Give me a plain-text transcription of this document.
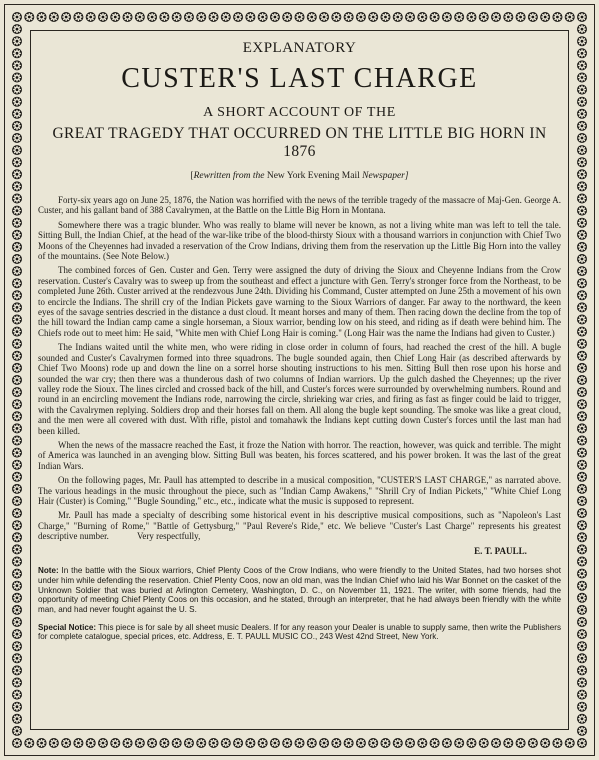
EXPLANATORY
CUSTER'S LAST CHARGE
A SHORT ACCOUNT OF THE
GREAT TRAGEDY THAT OCCURRED ON THE LITTLE BIG HORN IN 1876
[Rewritten from the New York Evening Mail Newspaper]

Forty-six years ago on June 25, 1876, the Nation was horrified with the news of the terrible tragedy of the massacre of Maj-Gen. George A. Custer, and his gallant band of 388 Cavalrymen, at the Battle on the Little Big Horn in Montana.

Somewhere there was a tragic blunder. Who was really to blame will never be known, as not a living white man was left to tell the tale. Sitting Bull, the Indian Chief, at the head of the war-like tribe of the blood-thirsty Sioux with a thousand warriors in conjunction with Chief Two Moons of the Cheyennes had invaded a reservation of the Crow Indians, driving them from the reservation up the Little Big Horn into the valley of the mountains. (See Note Below.)

The combined forces of Gen. Custer and Gen. Terry were assigned the duty of driving the Sioux and Cheyenne Indians from the Crow reservation. Custer's Cavalry was to sweep up from the southeast and effect a juncture with Gen. Terry's stronger force from the Northeast, to be completed June 26th. Custer arrived at the rendezvous June 24th. Dividing his Command, Custer attempted on June 25th a movement of his own to encircle the Indians. The shrill cry of the Indian Pickets gave warning to the Sioux Warriors of danger. Far away to the northward, the keen eyes of the savage sentries descried in the distance a dust cloud. It meant horses and many of them. Then racing down the decline from the top of the hill toward the Indian camp came a single horseman, a Sioux warrior, bending low on his steed, and riding as if death were behind him. The Chiefs rode out to meet him: He said, "White men with Chief Long Hair is coming." (Long Hair was the name the Indians had given to Custer.)

The Indians waited until the white men, who were riding in close order in column of fours, had reached the crest of the hill. A bugle sounded and Custer's Cavalrymen formed into three squadrons. The bugle sounded again, then Chief Long Hair (as described afterwards by Chief Two Moons) rode up and down the line on a sorrel horse shouting instructions to his men. Sitting Bull then rose upon his horse and sounded the war cry; then there was a thunderous dash of two columns of Indian warriors. Up the gulch dashed the Cheyennes; up the river valley rode the Sioux. The lines circled and crossed back of the hill, and Custer's forces were surrounded by overwhelming numbers. Round and round in an encircling movement the Indians rode, narrowing the circle, shrieking war cries, and firing as fast as finger could be laid to trigger, with the Cavalrymen replying. Soldiers drop and their horses fall on them. All along the bugle kept sounding. The smoke was like a great cloud, and the men were all covered with dust. With rifle, pistol and tomahawk the Indians kept cutting down Custer's forces until the last man had been killed.

When the news of the massacre reached the East, it froze the Nation with horror. The reaction, however, was quick and terrible. The might of America was launched in an avenging blow. Sitting Bull was beaten, his forces scattered, and his power broken. It was the last of the great Indian Wars.

On the following pages, Mr. Paull has attempted to describe in a musical composition, "CUSTER'S LAST CHARGE," as narrated above. The various headings in the music throughout the piece, such as "Indian Camp Awakens," "Shrill Cry of Indian Pickets," "White Chief Long Hair (Custer) is Coming," "Bugle Sounding," etc., etc., indicate what the music is supposed to represent.

Mr. Paull has made a specialty of describing some historical event in his descriptive musical compositions, such as "Napoleon's Last Charge," "Burning of Rome," "Battle of Gettysburg," "Paul Revere's Ride," etc. We believe "Custer's Last Charge" represents his greatest descriptive number.	Very respectfully,

E. T. PAULL.
Note: In the battle with the Sioux warriors, Chief Plenty Coos of the Crow Indians, who were friendly to the United States, had two horses shot under him while defending the reservation. Chief Plenty Coos, now an old man, was the Indian Chief who laid his War Bonnet on the casket of the Unknown Soldier that was buried at Arlington Cemetery, Washington, D. C., on November 11, 1921. The writer, with some friends, had the opportunity of meeting Chief Plenty Coos on this occasion, and he stated, through an interpreter, that he had always been friendly with the white man, and had never fought against the U. S.
Special Notice: This piece is for sale by all sheet music Dealers. If for any reason your Dealer is unable to supply same, then write the Publishers for complete catalogue, special prices, etc. Address, E. T. PAULL MUSIC CO., 243 West 42nd Street, New York.
